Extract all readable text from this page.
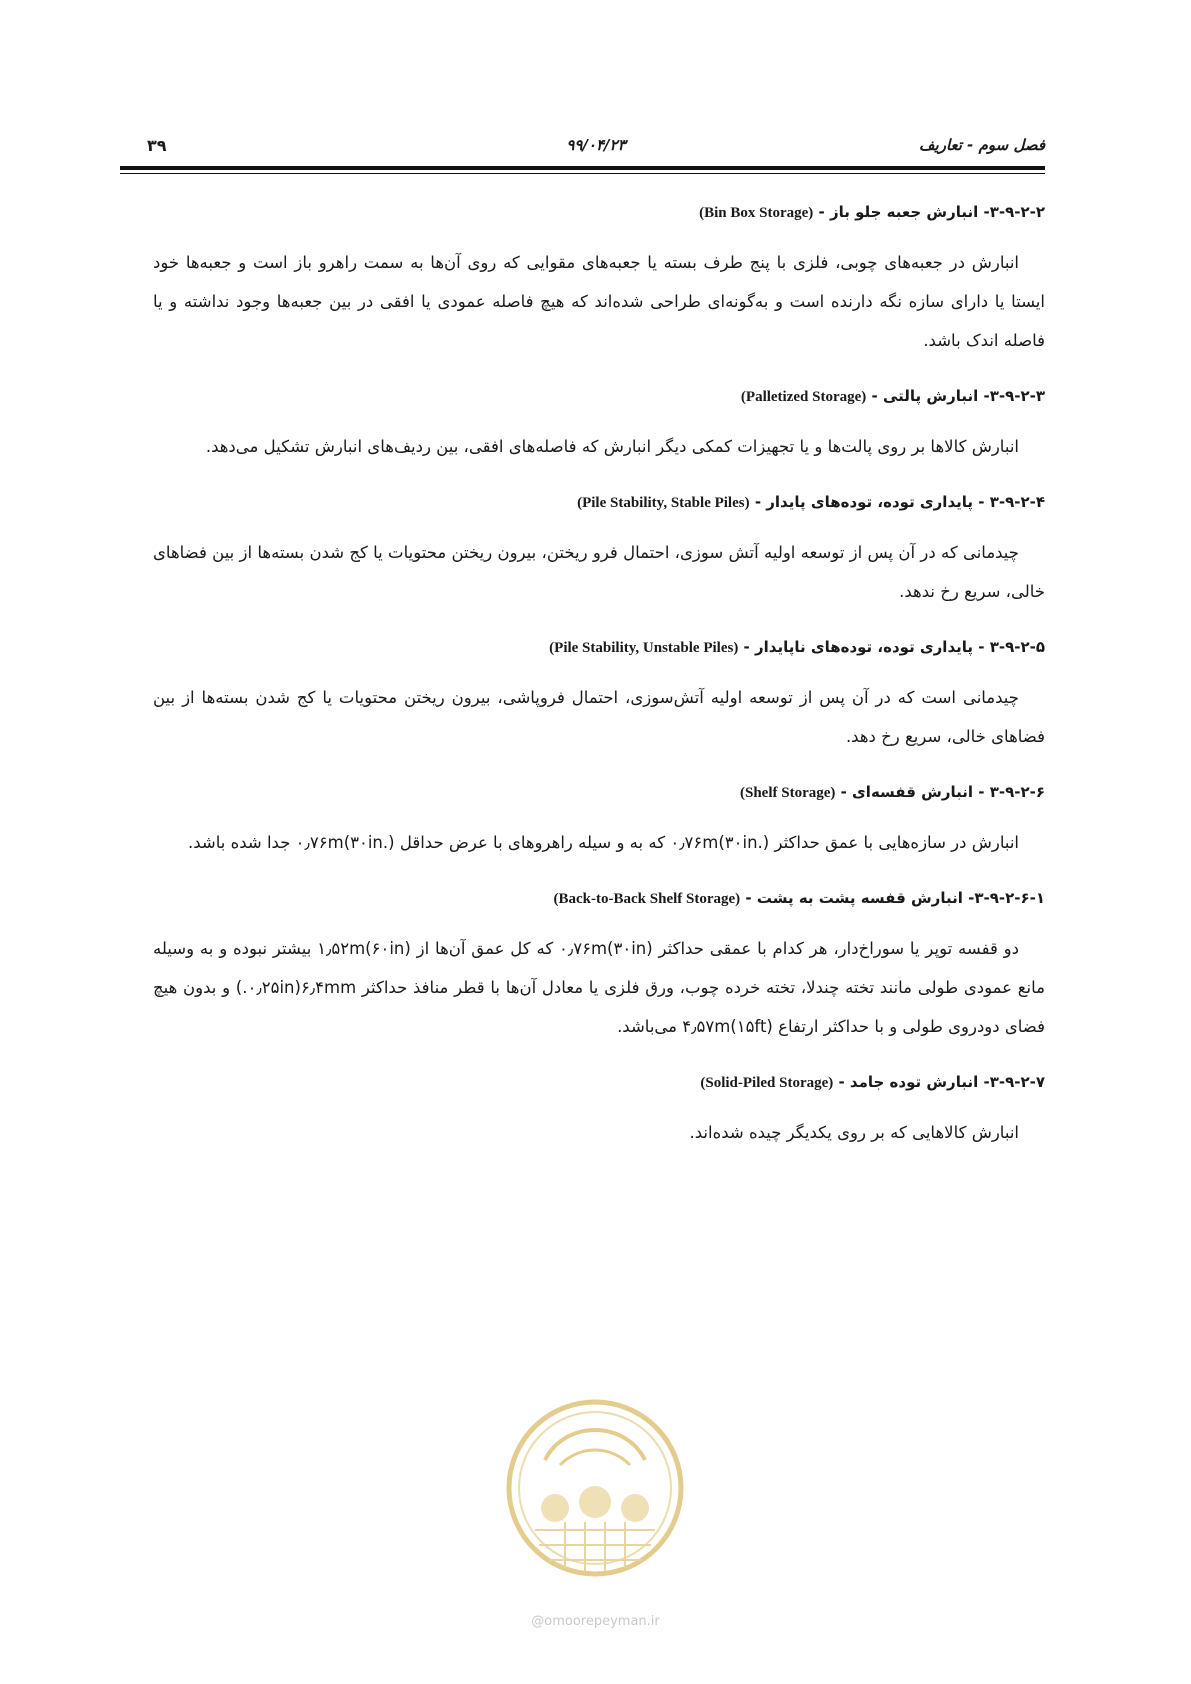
فصل سوم - تعاریف
۹۹/۰۴/۲۳
۳۹
۳-۹-۲-۲- انبارش جعبه جلو باز - (Bin Box Storage)

انبارش در جعبه‌های چوبی، فلزی با پنج طرف بسته یا جعبه‌های مقوایی که روی آن‌ها به سمت راهرو باز است و جعبه‌ها خود ایستا یا دارای سازه نگه دارنده است و به‌گونه‌ای طراحی شده‌اند که هیچ فاصله عمودی یا افقی در بین جعبه‌ها وجود نداشته و یا فاصله اندک باشد.

۳-۹-۲-۳- انبارش پالتی - (Palletized Storage)

انبارش کالاها بر روی پالت‌ها و یا تجهیزات کمکی دیگر انبارش که فاصله‌های افقی، بین ردیف‌های انبارش تشکیل می‌دهد.

۳-۹-۲-۴ - پایداری توده، توده‌های پایدار - (Pile Stability, Stable Piles)

چیدمانی که در آن پس از توسعه اولیه آتش سوزی، احتمال فرو ریختن، بیرون ریختن محتویات یا کج شدن بسته‌ها از بین فضاهای خالی، سریع رخ ندهد.

۳-۹-۲-۵ - پایداری توده، توده‌های ناپایدار - (Pile Stability, Unstable Piles)

چیدمانی است که در آن پس از توسعه اولیه آتش‌سوزی، احتمال فروپاشی، بیرون ریختن محتویات یا کج شدن بسته‌ها از بین فضاهای خالی، سریع رخ دهد.

۳-۹-۲-۶ - انبارش قفسه‌ای - (Shelf Storage)

انبارش در سازه‌هایی با عمق حداکثر ۰٫۷۶m(۳۰in.) که به و سیله راهروهای با عرض حداقل ۰٫۷۶m(۳۰in.) جدا شده باشد.

۳-۹-۲-۶-۱- انبارش قفسه پشت به پشت - (Back-to-Back Shelf Storage)

دو قفسه توپر یا سوراخ‌دار، هر کدام با عمقی حداکثر ۰٫۷۶m(۳۰in) که کل عمق آن‌ها از ۱٫۵۲m(۶۰in) بیشتر نبوده و به وسیله مانع عمودی طولی مانند تخته چندلا، تخته خرده چوب، ورق فلزی یا معادل آن‌ها با قطر منافذ حداکثر ۶٫۴mm(۰٫۲۵in.) و بدون هیچ فضای دودروی طولی و با حداکثر ارتفاع ۴٫۵۷m(۱۵ft) می‌باشد.

۳-۹-۲-۷- انبارش توده جامد - (Solid-Piled Storage)

انبارش کالاهایی که بر روی یکدیگر چیده شده‌اند.

@omoorepeyman.ir
